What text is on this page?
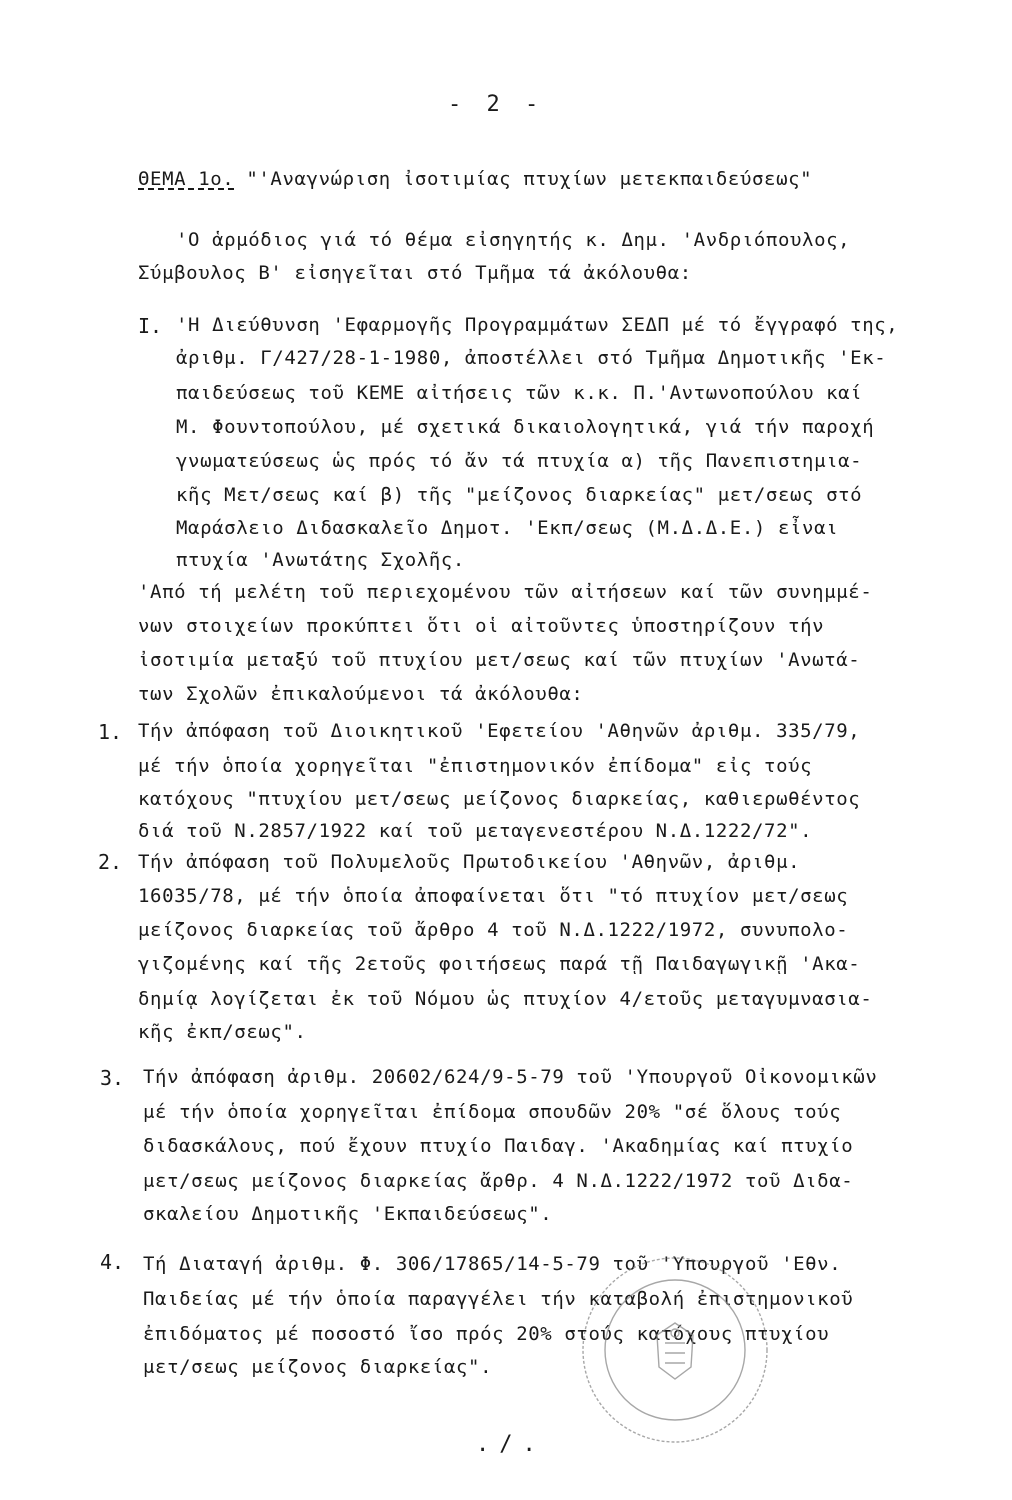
- 2 -
ΘΕΜΑ 1ο. "'Αναγνώριση ἰσοτιμίας πτυχίων μετεκπαιδεύσεως"
'Ο ἁρμόδιος γιά τό θέμα εἰσηγητής κ. Δημ. 'Ανδριόπουλος,
Σύμβουλος Β' εἰσηγεῖται στό Τμῆμα τά ἀκόλουθα:
I. 'Η Διεύθυνση 'Εφαρμογῆς Προγραμμάτων ΣΕΔΠ μέ τό ἔγγραφό της,
ἀριθμ. Γ/427/28-1-1980, ἀποστέλλει στό Τμῆμα Δημοτικῆς 'Εκ-
παιδεύσεως τοῦ ΚΕΜΕ αἰτήσεις τῶν κ.κ. Π.'Αντωνοπούλου καί
Μ. Φουντοπούλου, μέ σχετικά δικαιολογητικά, γιά τήν παροχή
γνωματεύσεως ὡς πρός τό ἄν τά πτυχία α) τῆς Πανεπιστημια-
κῆς Μετ/σεως καί β) τῆς "μείζονος διαρκείας" μετ/σεως στό
Μαράσλειο Διδασκαλεῖο Δημοτ. 'Εκπ/σεως (Μ.Δ.Δ.Ε.) εἶναι
πτυχία 'Ανωτάτης Σχολῆς.
'Από τή μελέτη τοῦ περιεχομένου τῶν αἰτήσεων καί τῶν συνημμέ-
νων στοιχείων προκύπτει ὅτι οἱ αἰτοῦντες ὑποστηρίζουν τήν
ἰσοτιμία μεταξύ τοῦ πτυχίου μετ/σεως καί τῶν πτυχίων 'Ανωτά-
των Σχολῶν ἐπικαλούμενοι τά ἀκόλουθα:
1. Τήν ἀπόφαση τοῦ Διοικητικοῦ 'Εφετείου 'Αθηνῶν ἀριθμ. 335/79,
μέ τήν ὁποία χορηγεῖται "ἐπιστημονικόν ἐπίδομα" εἰς τούς
κατόχους "πτυχίου μετ/σεως μείζονος διαρκείας, καθιερωθέντος
διά τοῦ Ν.2857/1922 καί τοῦ μεταγενεστέρου Ν.Δ.1222/72".
2. Τήν ἀπόφαση τοῦ Πολυμελοῦς Πρωτοδικείου 'Αθηνῶν, ἀριθμ.
16035/78, μέ τήν ὁποία ἀποφαίνεται ὅτι "τό πτυχίον μετ/σεως
μείζονος διαρκείας τοῦ ἄρθρο 4 τοῦ Ν.Δ.1222/1972, συνυπολο-
γιζομένης καί τῆς 2ετοῦς φοιτήσεως παρά τῇ Παιδαγωγικῇ 'Ακα-
δημίᾳ λογίζεται ἐκ τοῦ Νόμου ὡς πτυχίον 4/ετοῦς μεταγυμνασια-
κῆς ἐκπ/σεως".
3. Τήν ἀπόφαση ἀριθμ. 20602/624/9-5-79 τοῦ 'Υπουργοῦ Οἰκονομικῶν
μέ τήν ὁποία χορηγεῖται ἐπίδομα σπουδῶν 20% "σέ ὅλους τούς
διδασκάλους, πού ἔχουν πτυχίο Παιδαγ. 'Ακαδημίας καί πτυχίο
μετ/σεως μείζονος διαρκείας ἄρθρ. 4 Ν.Δ.1222/1972 τοῦ Διδα-
σκαλείου Δημοτικῆς 'Εκπαιδεύσεως".
4. Τή Διαταγή ἀριθμ. Φ. 306/17865/14-5-79 τοῦ 'Υπουργοῦ 'Εθν.
Παιδείας μέ τήν ὁποία παραγγέλει τήν καταβολή ἐπιστημονικοῦ
ἐπιδόματος μέ ποσοστό ἴσο πρός 20% στούς κατόχους πτυχίου
μετ/σεως μείζονος διαρκείας".
./.
